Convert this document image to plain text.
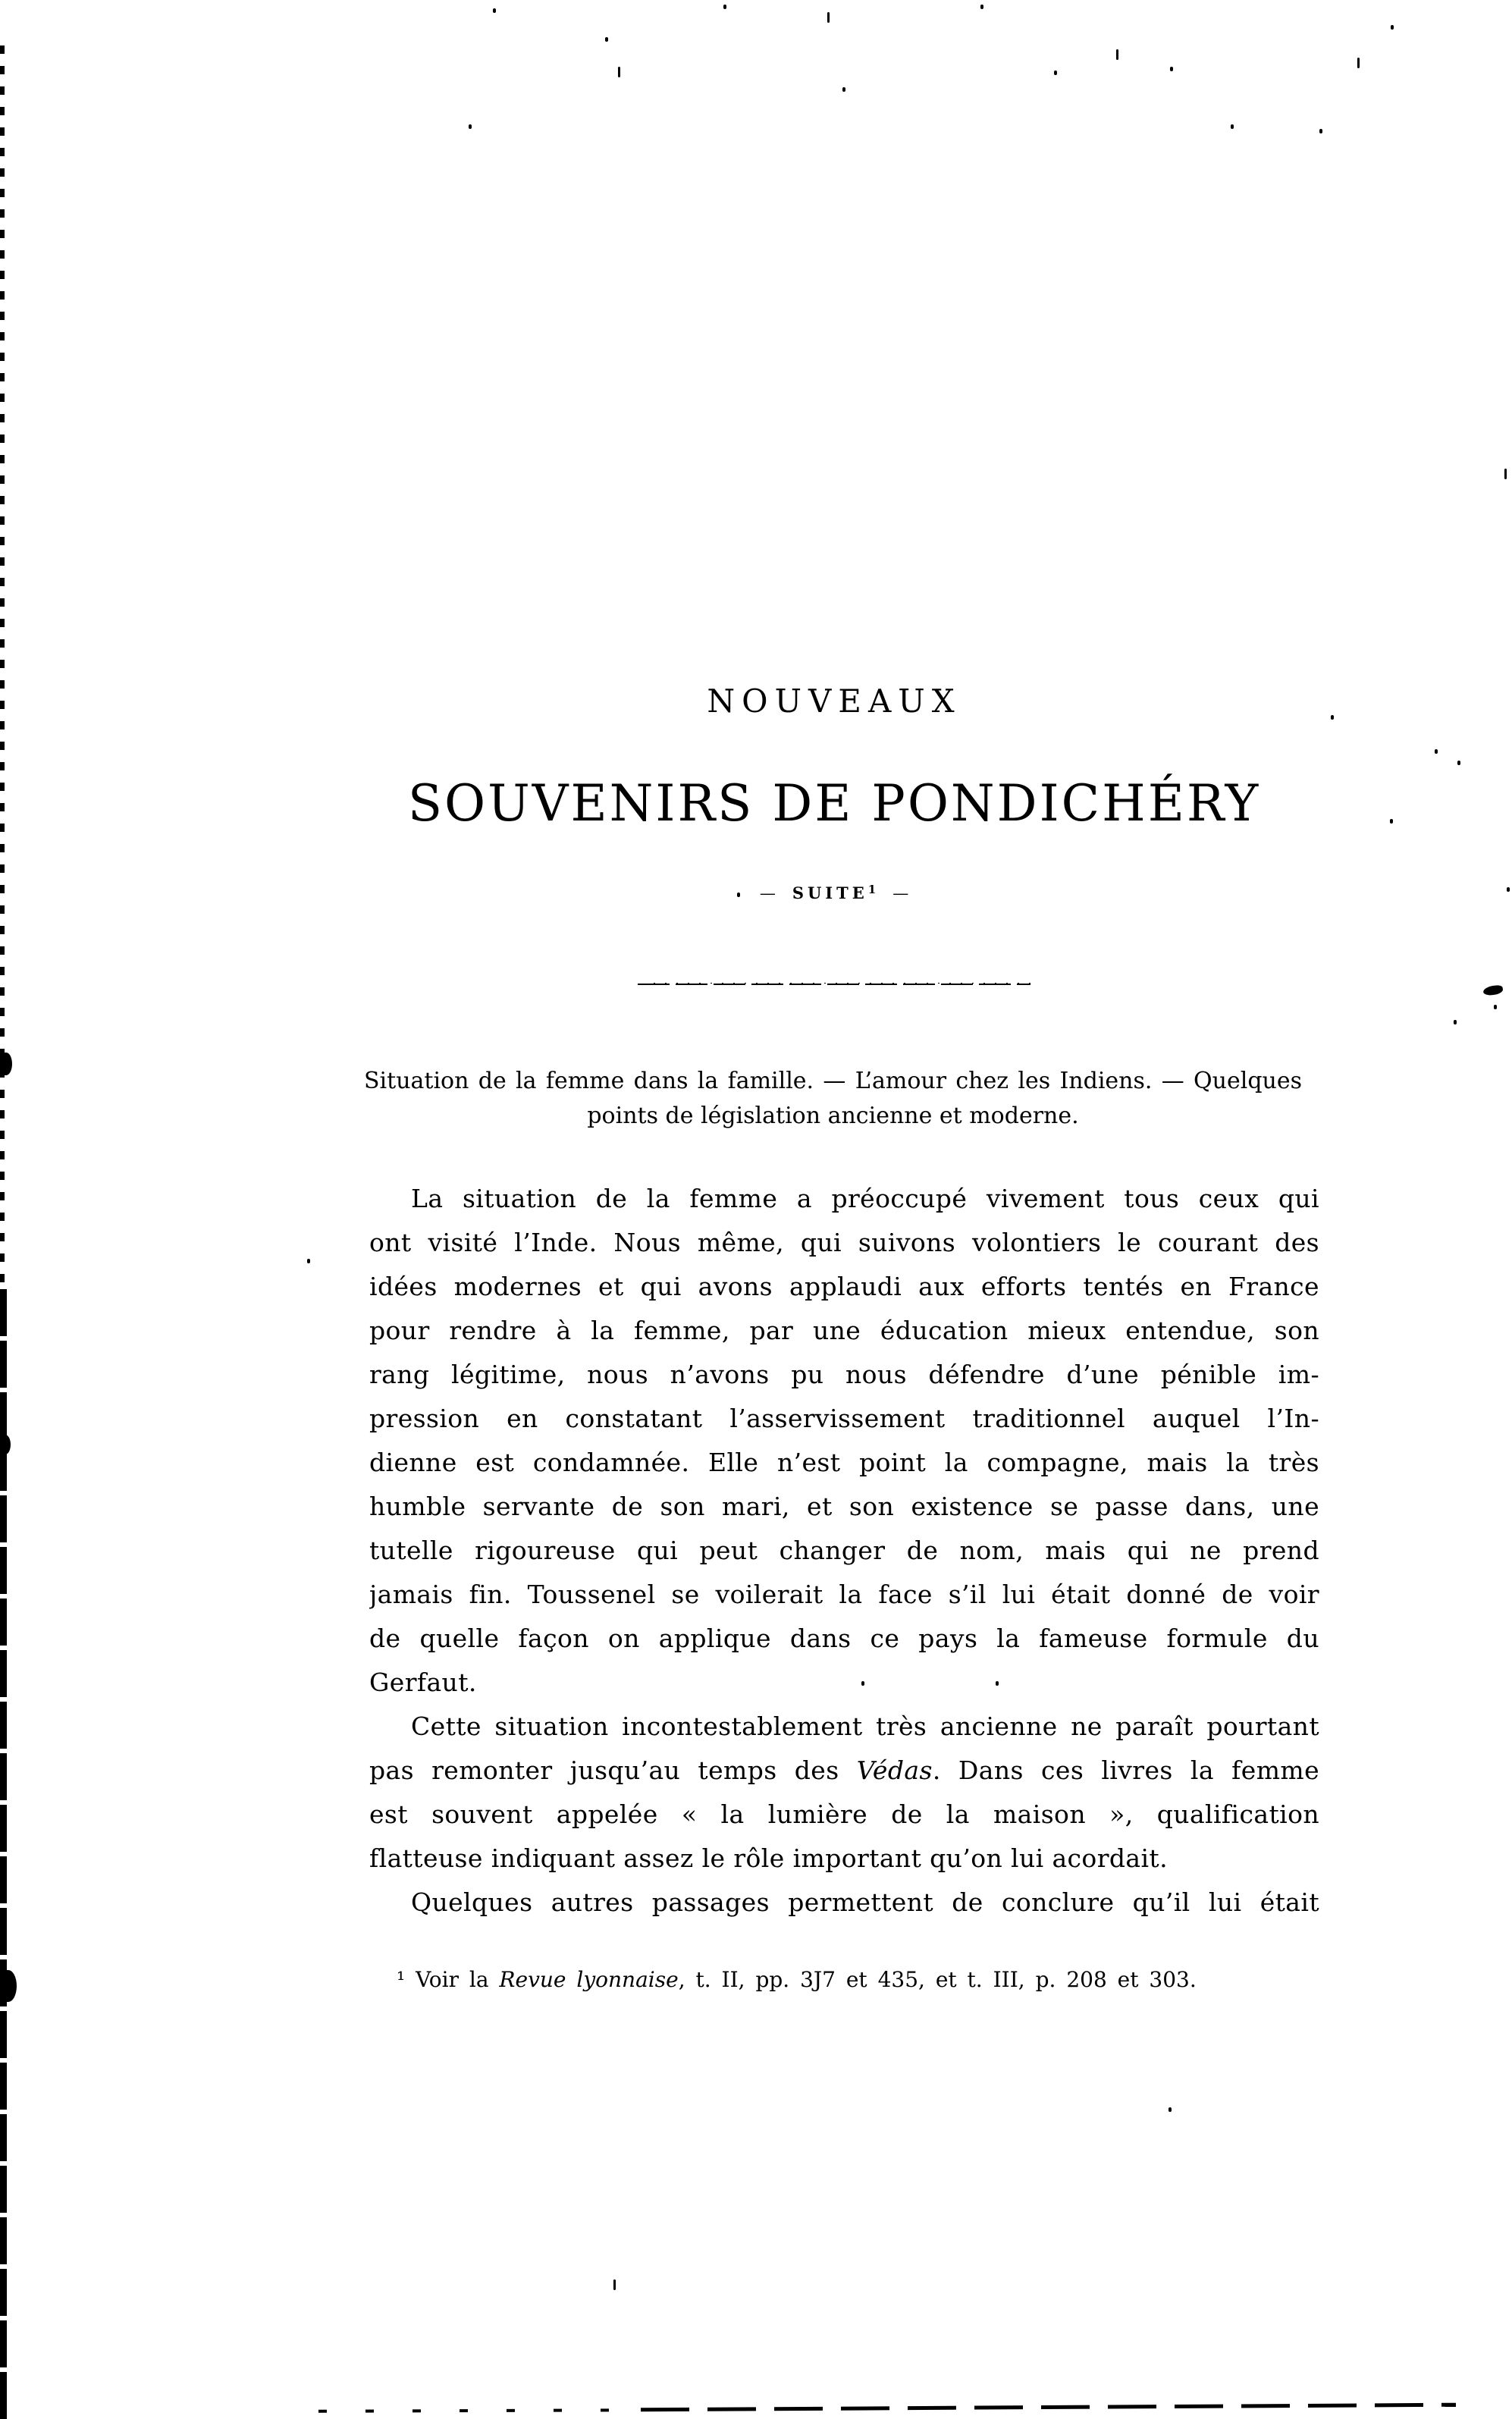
NOUVEAUX
SOUVENIRS DE PONDICHÉRY
— SUITE$^1$ —
Situation de la femme dans la famille. — L’amour chez les Indiens. — Quelques
points de législation ancienne et moderne.
La situation de la femme a préoccupé vivement tous ceux qui
ont visité l’Inde. Nous même, qui suivons volontiers le courant des
idées modernes et qui avons applaudi aux efforts tentés en France
pour rendre à la femme, par une éducation mieux entendue, son
rang légitime, nous n’avons pu nous défendre d’une pénible im-
pression en constatant l’asservissement traditionnel auquel l’In-
dienne est condamnée. Elle n’est point la compagne, mais la très
humble servante de son mari, et son existence se passe dans, une
tutelle rigoureuse qui peut changer de nom, mais qui ne prend
jamais fin. Toussenel se voilerait la face s’il lui était donné de voir
de quelle façon on applique dans ce pays la fameuse formule du
Gerfaut.
Cette situation incontestablement très ancienne ne paraît pourtant
pas remonter jusqu’au temps des Védas. Dans ces livres la femme
est souvent appelée « la lumière de la maison », qualification
flatteuse indiquant assez le rôle important qu’on lui acordait.
Quelques autres passages permettent de conclure qu’il lui était
¹ Voir la Revue lyonnaise, t. II, pp. 3J7 et 435, et t. III, p. 208 et 303.
